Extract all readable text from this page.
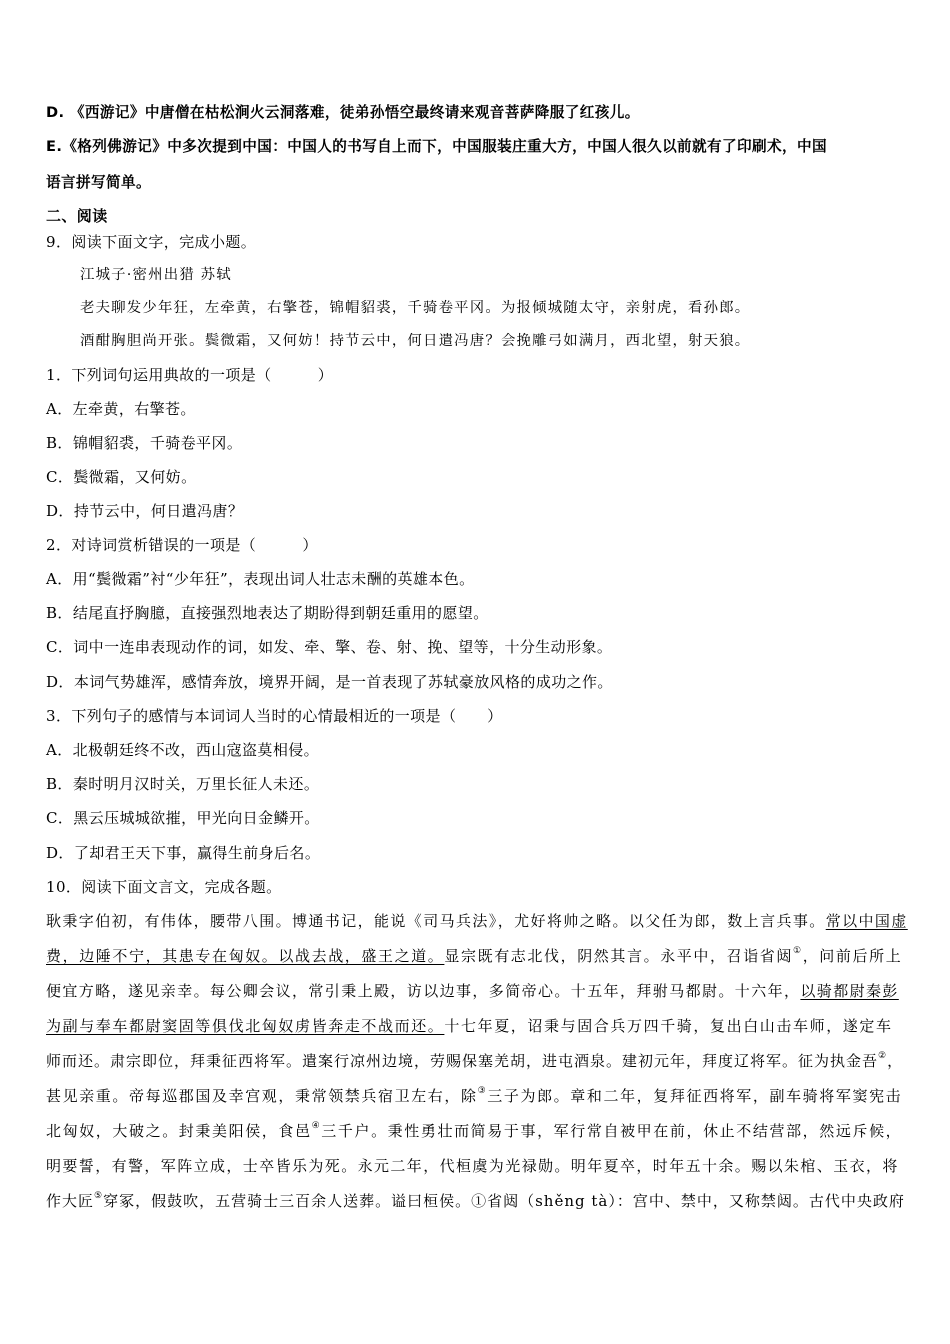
D. 《西游记》中唐僧在枯松涧火云洞落难，徒弟孙悟空最终请来观音菩萨降服了红孩儿。
E.《格列佛游记》中多次提到中国：中国人的书写自上而下，中国服装庄重大方，中国人很久以前就有了印刷术，中国
语言拼写简单。
二、阅读
9．阅读下面文字，完成小题。
江城子·密州出猎 苏轼
老夫聊发少年狂，左牵黄，右擎苍，锦帽貂裘，千骑卷平冈。为报倾城随太守，亲射虎，看孙郎。
酒酣胸胆尚开张。鬓微霜，又何妨！持节云中，何日遣冯唐？会挽雕弓如满月，西北望，射天狼。
1．下列词句运用典故的一项是（　　　）
A．左牵黄，右擎苍。
B．锦帽貂裘，千骑卷平冈。
C．鬓微霜，又何妨。
D．持节云中，何日遣冯唐？
2．对诗词赏析错误的一项是（　　　）
A．用“鬓微霜”衬“少年狂”，表现出词人壮志未酬的英雄本色。
B．结尾直抒胸臆，直接强烈地表达了期盼得到朝廷重用的愿望。
C．词中一连串表现动作的词，如发、牵、擎、卷、射、挽、望等，十分生动形象。
D．本词气势雄浑，感情奔放，境界开阔，是一首表现了苏轼豪放风格的成功之作。
3．下列句子的感情与本词词人当时的心情最相近的一项是（　　）
A．北极朝廷终不改，西山寇盗莫相侵。
B．秦时明月汉时关，万里长征人未还。
C．黑云压城城欲摧，甲光向日金鳞开。
D．了却君王天下事，赢得生前身后名。
10．阅读下面文言文，完成各题。
耿秉字伯初，有伟体，腰带八围。博通书记，能说《司马兵法》，尤好将帅之略。以父任为郎，数上言兵事。常以中国虚
费，边陲不宁，其患专在匈奴。以战去战，盛王之道。显宗既有志北伐，阴然其言。永平中，召诣省闼①，问前后所上
便宜方略，遂见亲幸。每公卿会议，常引秉上殿，访以边事，多简帝心。十五年，拜驸马都尉。十六年，以骑都尉秦彭
为副与奉车都尉窦固等俱伐北匈奴虏皆奔走不战而还。十七年夏，诏秉与固合兵万四千骑，复出白山击车师，遂定车
师而还。肃宗即位，拜秉征西将军。遣案行凉州边境，劳赐保塞羌胡，进屯酒泉。建初元年，拜度辽将军。征为执金吾②，
甚见亲重。帝每巡郡国及幸宫观，秉常领禁兵宿卫左右，除③三子为郎。章和二年，复拜征西将军，副车骑将军窦宪击
北匈奴，大破之。封秉美阳侯，食邑④三千户。秉性勇壮而简易于事，军行常自被甲在前，休止不结营部，然远斥候，
明要誓，有警，军阵立成，士卒皆乐为死。永元二年，代桓虞为光禄勋。明年夏卒，时年五十余。赐以朱棺、玉衣，将
作大匠⑤穿冢，假鼓吹，五营骑士三百余人送葬。谥曰桓侯。①省闼（shěng tà）：宫中、禁中，又称禁闼。古代中央政府
